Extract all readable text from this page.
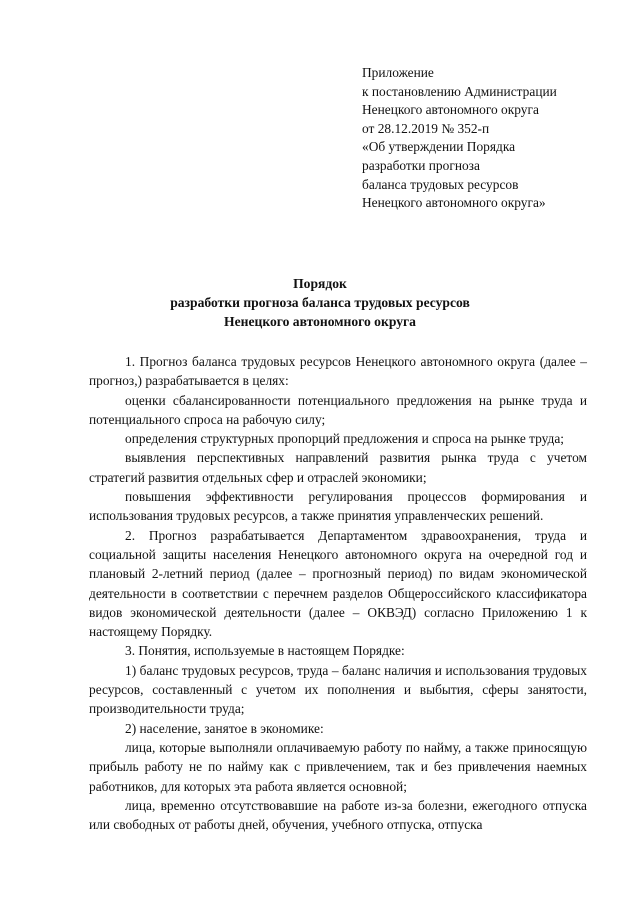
Приложение
к постановлению Администрации
Ненецкого автономного округа
от 28.12.2019 № 352-п
«Об утверждении Порядка
разработки прогноза
баланса трудовых ресурсов
Ненецкого автономного округа»
Порядок
разработки прогноза баланса трудовых ресурсов
Ненецкого автономного округа

1. Прогноз баланса трудовых ресурсов Ненецкого автономного округа (далее – прогноз,) разрабатывается в целях:

оценки сбалансированности потенциального предложения на рынке труда и потенциального спроса на рабочую силу;

определения структурных пропорций предложения и спроса на рынке труда;

выявления перспективных направлений развития рынка труда с учетом стратегий развития отдельных сфер и отраслей экономики;

повышения эффективности регулирования процессов формирования и использования трудовых ресурсов, а также принятия управленческих решений.

2. Прогноз разрабатывается Департаментом здравоохранения, труда и социальной защиты населения Ненецкого автономного округа на очередной год и плановый 2-летний период (далее – прогнозный период) по видам экономической деятельности в соответствии с перечнем разделов Общероссийского классификатора видов экономической деятельности (далее – ОКВЭД) согласно Приложению 1 к настоящему Порядку.

3. Понятия, используемые в настоящем Порядке:

1) баланс трудовых ресурсов, труда – баланс наличия и использования трудовых ресурсов, составленный с учетом их пополнения и выбытия, сферы занятости, производительности труда;

2) население, занятое в экономике:

лица, которые выполняли оплачиваемую работу по найму, а также приносящую прибыль работу не по найму как с привлечением, так и без привлечения наемных работников, для которых эта работа является основной;

лица, временно отсутствовавшие на работе из-за болезни, ежегодного отпуска или свободных от работы дней, обучения, учебного отпуска, отпуска
